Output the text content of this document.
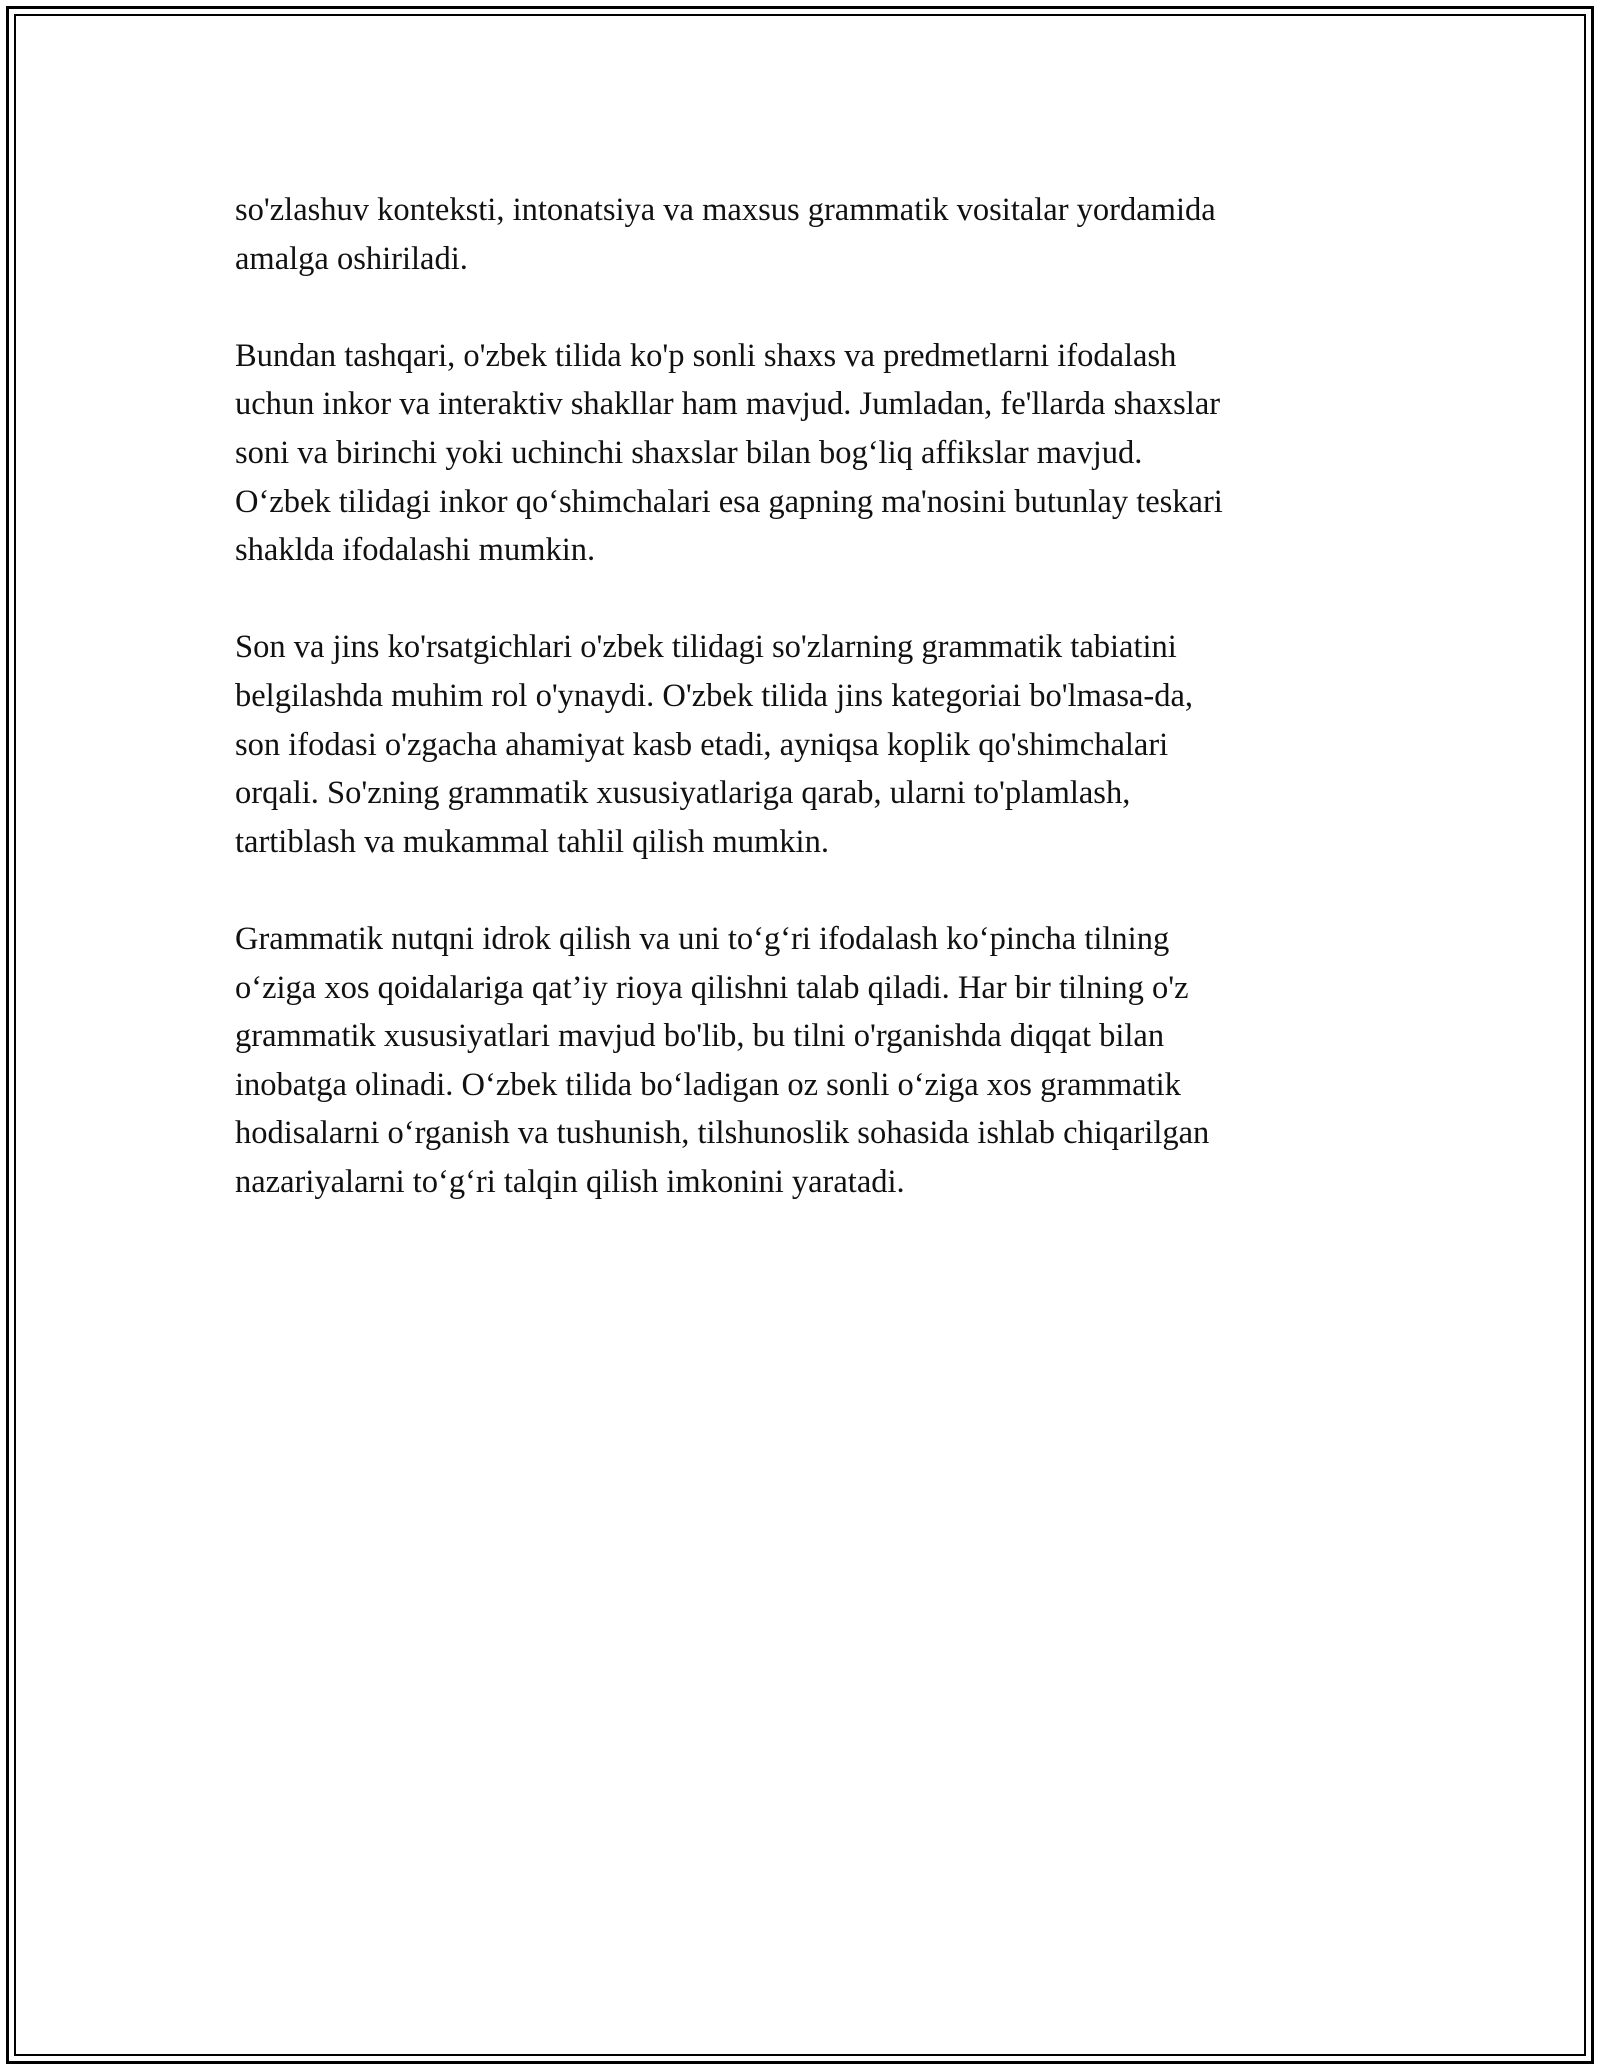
so'zlashuv konteksti, intonatsiya va maxsus grammatik vositalar yordamida
amalga oshiriladi.

Bundan tashqari, o'zbek tilida ko'p sonli shaxs va predmetlarni ifodalash
uchun inkor va interaktiv shakllar ham mavjud. Jumladan, fe'llarda shaxslar
soni va birinchi yoki uchinchi shaxslar bilan bog‘liq affikslar mavjud.
O‘zbek tilidagi inkor qo‘shimchalari esa gapning ma'nosini butunlay teskari
shaklda ifodalashi mumkin.

Son va jins ko'rsatgichlari o'zbek tilidagi so'zlarning grammatik tabiatini
belgilashda muhim rol o'ynaydi. O'zbek tilida jins kategoriai bo'lmasa-da,
son ifodasi o'zgacha ahamiyat kasb etadi, ayniqsa koplik qo'shimchalari
orqali. So'zning grammatik xususiyatlariga qarab, ularni to'plamlash,
tartiblash va mukammal tahlil qilish mumkin.

Grammatik nutqni idrok qilish va uni to‘g‘ri ifodalash ko‘pincha tilning
o‘ziga xos qoidalariga qat’iy rioya qilishni talab qiladi. Har bir tilning o'z
grammatik xususiyatlari mavjud bo'lib, bu tilni o'rganishda diqqat bilan
inobatga olinadi. O‘zbek tilida bo‘ladigan oz sonli o‘ziga xos grammatik
hodisalarni o‘rganish va tushunish, tilshunoslik sohasida ishlab chiqarilgan
nazariyalarni to‘g‘ri talqin qilish imkonini yaratadi.
